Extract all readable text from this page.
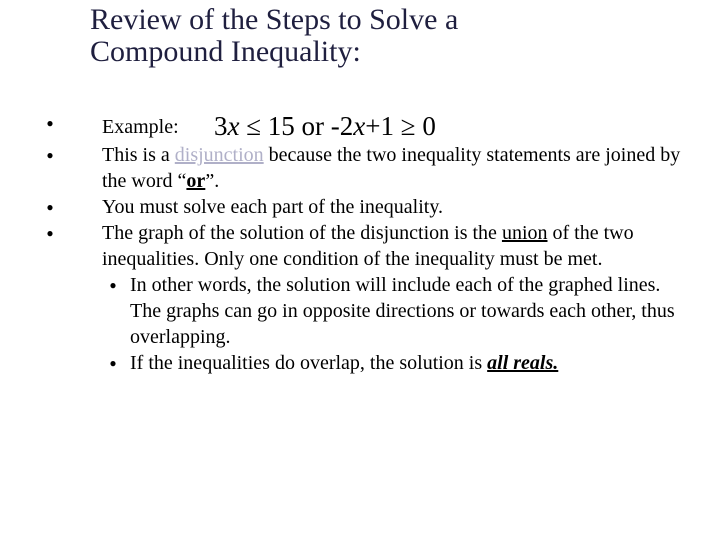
Review of the Steps to Solve a
Compound Inequality:
● Example: 3x ≤ 15 or -2x+1 ≥ 0
● This is a disjunction because the two inequality statements are joined by the word “or”.
● You must solve each part of the inequality.
● The graph of the solution of the disjunction is the union of the two inequalities. Only one condition of the inequality must be met.
● In other words, the solution will include each of the graphed lines. The graphs can go in opposite directions or towards each other, thus overlapping.
● If the inequalities do overlap, the solution is all reals.
